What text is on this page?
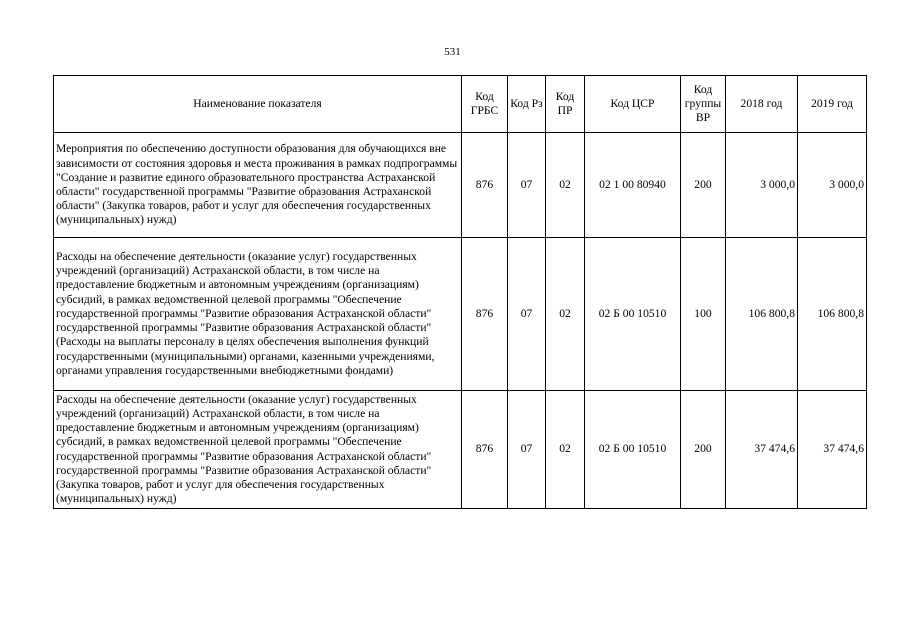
531
Наименование показателя	Код ГРБС	Код Рз	Код ПР	Код ЦСР	Код группы ВР	2018 год	2019 год
Мероприятия по обеспечению доступности образования для обучающихся вне зависимости от состояния здоровья и места проживания в рамках подпрограммы "Создание и развитие единого образовательного пространства Астраханской области" государственной программы "Развитие образования Астраханской области" (Закупка товаров, работ и услуг для обеспечения государственных (муниципальных) нужд)	876	07	02	02 1 00 80940	200	3 000,0	3 000,0
Расходы на обеспечение деятельности (оказание услуг) государственных учреждений (организаций) Астраханской области, в том числе на предоставление бюджетным и автономным учреждениям (организациям) субсидий, в рамках ведомственной целевой программы "Обеспечение государственной программы "Развитие образования Астраханской области" государственной программы "Развитие образования Астраханской области" (Расходы на выплаты персоналу в целях обеспечения выполнения функций государственными (муниципальными) органами, казенными учреждениями, органами управления государственными внебюджетными фондами)	876	07	02	02 Б 00 10510	100	106 800,8	106 800,8
Расходы на обеспечение деятельности (оказание услуг) государственных учреждений (организаций) Астраханской области, в том числе на предоставление бюджетным и автономным учреждениям (организациям) субсидий, в рамках ведомственной целевой программы "Обеспечение государственной программы "Развитие образования Астраханской области" государственной программы "Развитие образования Астраханской области" (Закупка товаров, работ и услуг для обеспечения государственных (муниципальных) нужд)	876	07	02	02 Б 00 10510	200	37 474,6	37 474,6
